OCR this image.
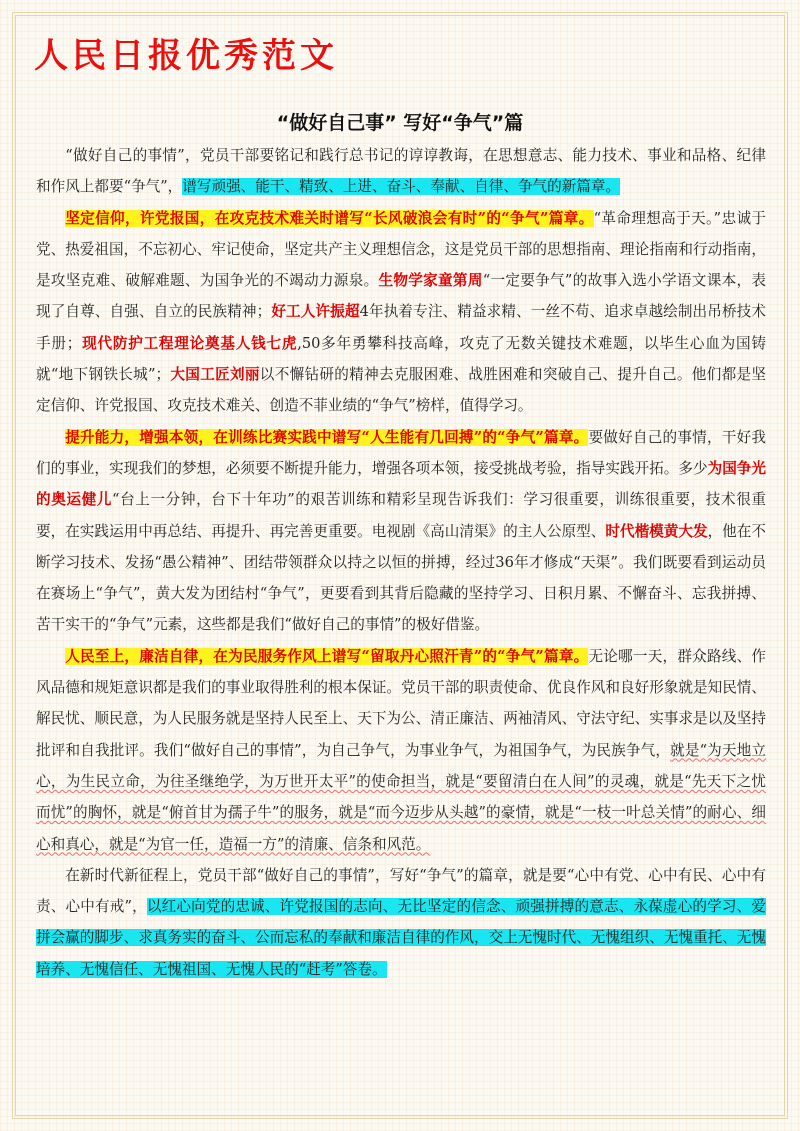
人民日报优秀范文
“做好自己事” 写好“争气”篇

“做好自己的事情”，党员干部要铭记和践行总书记的谆谆教诲，在思想意志、能力技术、事业和品格、纪律和作风上都要“争气”，谱写顽强、能干、精致、上进、奋斗、奉献、自律、争气的新篇章。

坚定信仰，许党报国，在攻克技术难关时谱写“长风破浪会有时”的“争气”篇章。“革命理想高于天。”忠诚于党、热爱祖国，不忘初心、牢记使命，坚定共产主义理想信念，这是党员干部的思想指南、理论指南和行动指南，是攻坚克难、破解难题、为国争光的不竭动力源泉。生物学家童第周“一定要争气”的故事入选小学语文课本，表现了自尊、自强、自立的民族精神；好工人许振超4年执着专注、精益求精、一丝不苟、追求卓越绘制出吊桥技术手册；现代防护工程理论奠基人钱七虎,50多年勇攀科技高峰，攻克了无数关键技术难题，以毕生心血为国铸就“地下钢铁长城”；大国工匠刘丽以不懈钻研的精神去克服困难、战胜困难和突破自己、提升自己。他们都是坚定信仰、许党报国、攻克技术难关、创造不菲业绩的“争气”榜样，值得学习。

提升能力，增强本领，在训练比赛实践中谱写“人生能有几回搏”的“争气”篇章。要做好自己的事情，干好我们的事业，实现我们的梦想，必须要不断提升能力，增强各项本领，接受挑战考验，指导实践开拓。多少为国争光的奥运健儿“台上一分钟，台下十年功”的艰苦训练和精彩呈现告诉我们：学习很重要，训练很重要，技术很重要，在实践运用中再总结、再提升、再完善更重要。电视剧《高山清渠》的主人公原型、时代楷模黄大发，他在不断学习技术、发扬“愚公精神”、团结带领群众以持之以恒的拼搏，经过36年才修成“天渠”。我们既要看到运动员在赛场上“争气”，黄大发为团结村“争气”，更要看到其背后隐藏的坚持学习、日积月累、不懈奋斗、忘我拼搏、苦干实干的“争气”元素，这些都是我们“做好自己的事情”的极好借鉴。

人民至上，廉洁自律，在为民服务作风上谱写“留取丹心照汗青”的“争气”篇章。无论哪一天，群众路线、作风品德和规矩意识都是我们的事业取得胜利的根本保证。党员干部的职责使命、优良作风和良好形象就是知民情、解民忧、顺民意，为人民服务就是坚持人民至上、天下为公、清正廉洁、两袖清风、守法守纪、实事求是以及坚持批评和自我批评。我们“做好自己的事情”，为自己争气，为事业争气，为祖国争气，为民族争气，就是“为天地立心，为生民立命，为往圣继绝学，为万世开太平”的使命担当，就是“要留清白在人间”的灵魂，就是“先天下之忧而忧”的胸怀，就是“俯首甘为孺子牛”的服务，就是“而今迈步从头越”的豪情，就是“一枝一叶总关情”的耐心、细心和真心，就是“为官一任，造福一方”的清廉、信条和风范。

在新时代新征程上，党员干部“做好自己的事情”，写好“争气”的篇章，就是要“心中有党、心中有民、心中有责、心中有戒”，以红心向党的忠诚、许党报国的志向、无比坚定的信念、顽强拼搏的意志、永葆虚心的学习、爱拼会赢的脚步、求真务实的奋斗、公而忘私的奉献和廉洁自律的作风，交上无愧时代、无愧组织、无愧重托、无愧培养、无愧信任、无愧祖国、无愧人民的“赶考”答卷。
